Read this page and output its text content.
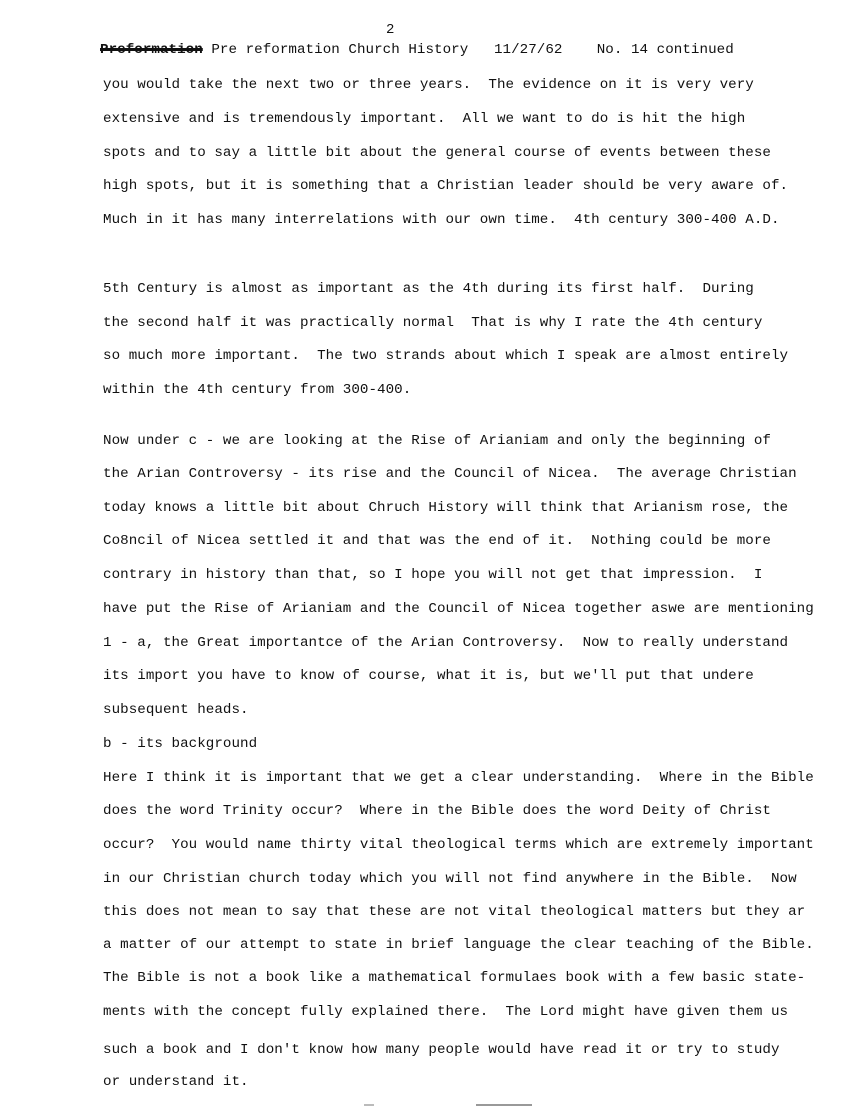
2
Preformation Pre reformation Church History   11/27/62    No. 14 continued
you would take the next two or three years.  The evidence on it is very very
extensive and is tremendously important.  All we want to do is hit the high
spots and to say a little bit about the general course of events between these
high spots, but it is something that a Christian leader should be very aware of.
Much in it has many interrelations with our own time.  4th century 300-400 A.D.
5th Century is almost as important as the 4th during its first half.  During
the second half it was practically normal  That is why I rate the 4th century
so much more important.  The two strands about which I speak are almost entirely
within the 4th century from 300-400.
Now under c - we are looking at the Rise of Arianiam and only the beginning of
the Arian Controversy - its rise and the Council of Nicea.  The average Christian
today knows a little bit about Chruch History will think that Arianism rose, the
Co8ncil of Nicea settled it and that was the end of it.  Nothing could be more
contrary in history than that, so I hope you will not get that impression.  I
have put the Rise of Arianiam and the Council of Nicea together aswe are mentioning
1 - a, the Great importantce of the Arian Controversy.  Now to really understand
its import you have to know of course, what it is, but we'll put that undere
subsequent heads.
b - its background
Here I think it is important that we get a clear understanding.  Where in the Bible
does the word Trinity occur?  Where in the Bible does the word Deity of Christ
occur?  You would name thirty vital theological terms which are extremely important
in our Christian church today which you will not find anywhere in the Bible.  Now
this does not mean to say that these are not vital theological matters but they ar
a matter of our attempt to state in brief language the clear teaching of the Bible.
The Bible is not a book like a mathematical formulaes book with a few basic state-
ments with the concept fully explained there.  The Lord might have given them us
such a book and I don't know how many people would have read it or try to study
or understand it.
